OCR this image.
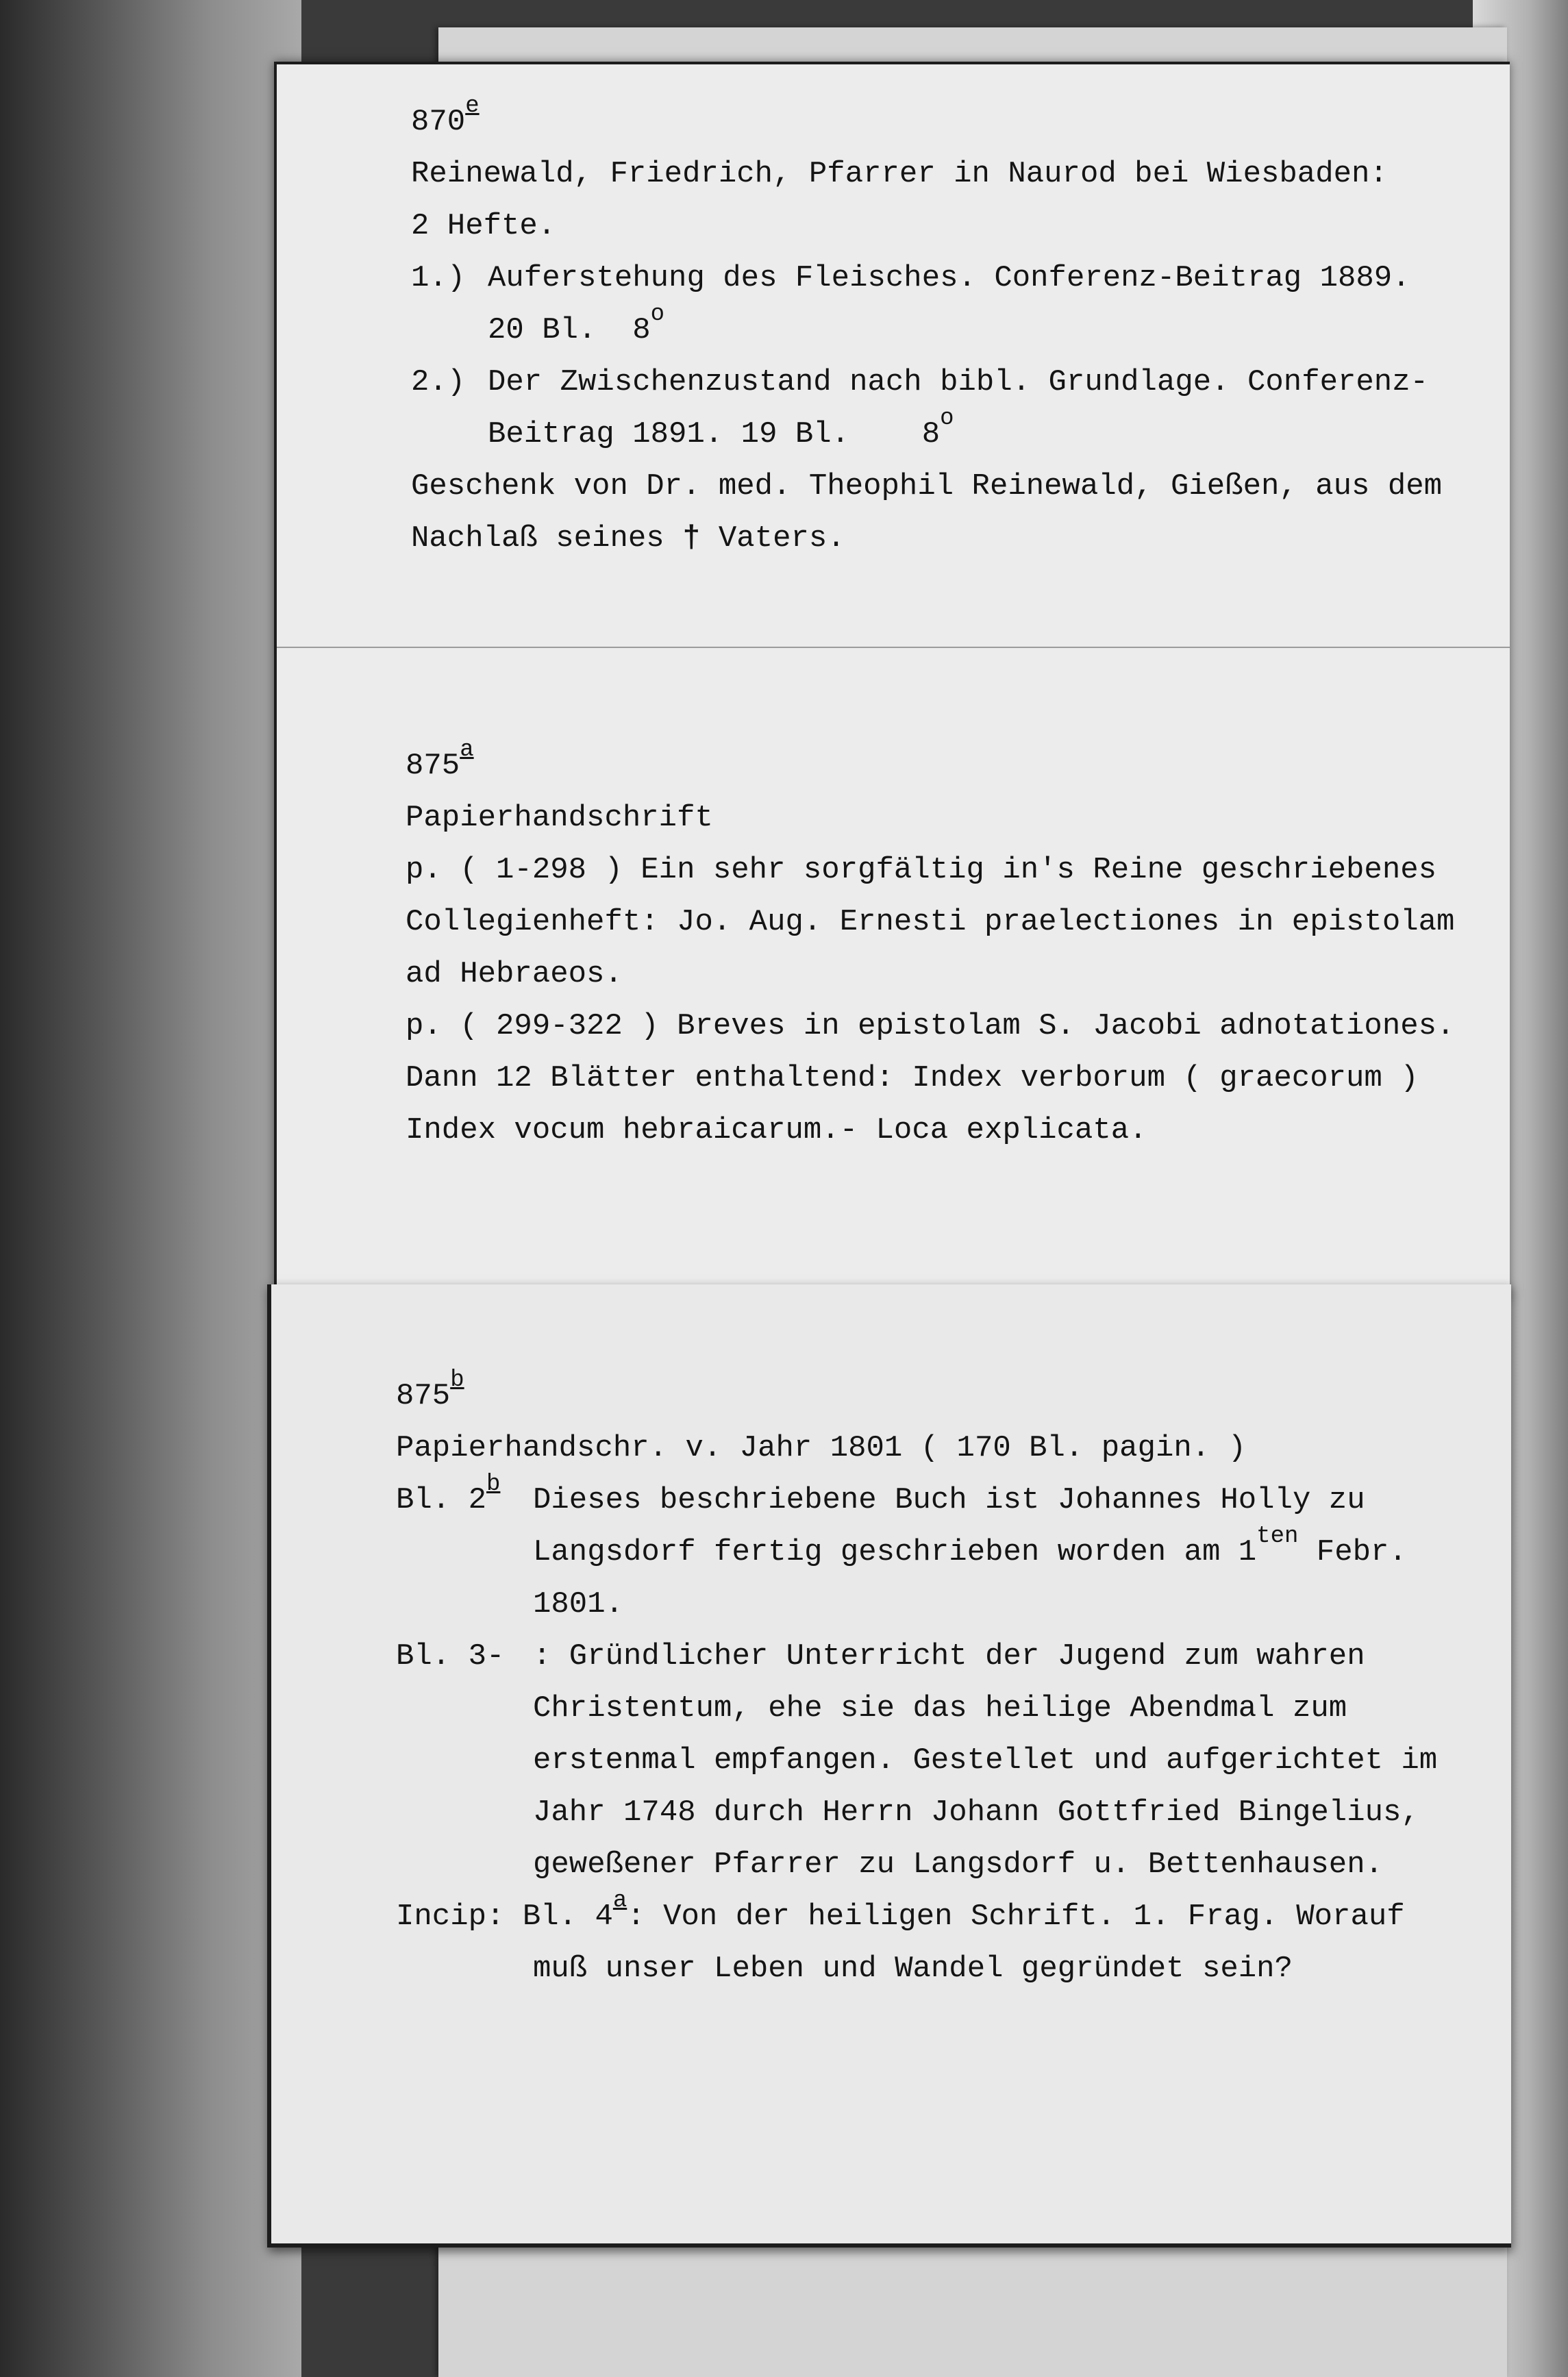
870e
Reinewald, Friedrich, Pfarrer in Naurod bei Wiesbaden:
2 Hefte.
1.) Auferstehung des Fleisches. Conferenz-Beitrag 1889.
20 Bl. 8$^o$
2.) Der Zwischenzustand nach bibl. Grundlage. Conferenz-
Beitrag 1891. 19 Bl. 8$^o$
Geschenk von Dr. med. Theophil Reinewald, Gießen, aus dem
Nachlaß seines † Vaters.
875$^a$
Papierhandschrift
p. ( 1-298 ) Ein sehr sorgfältig in's Reine geschriebenes
Collegienheft: Jo. Aug. Ernesti praelectiones in epistolam
ad Hebraeos.
p. ( 299-322 ) Breves in epistolam S. Jacobi adnotationes.
Dann 12 Blätter enthaltend: Index verborum ( graecorum )
Index vocum hebraicarum.- Loca explicata.
875$^b$
Papierhandschr. v. Jahr 1801 ( 170 Bl. pagin. )
Bl. 2$^b$ Dieses beschriebene Buch ist Johannes Holly zu
Langsdorf fertig geschrieben worden am $1^{ten}$ Febr.
1801.
Bl. 3- : Gründlicher Unterricht der Jugend zum wahren
Christentum, ehe sie das heilige Abendmal zum
erstenmal empfangen. Gestellet und aufgerichtet im
Jahr 1748 durch Herrn Johann Gottfried Bingelius,
geweßener Pfarrer zu Langsdorf u. Bettenhausen.
Incip: Bl. 4$^a$: Von der heiligen Schrift. 1. Frag. Worauf
muß unser Leben und Wandel gegründet sein?
